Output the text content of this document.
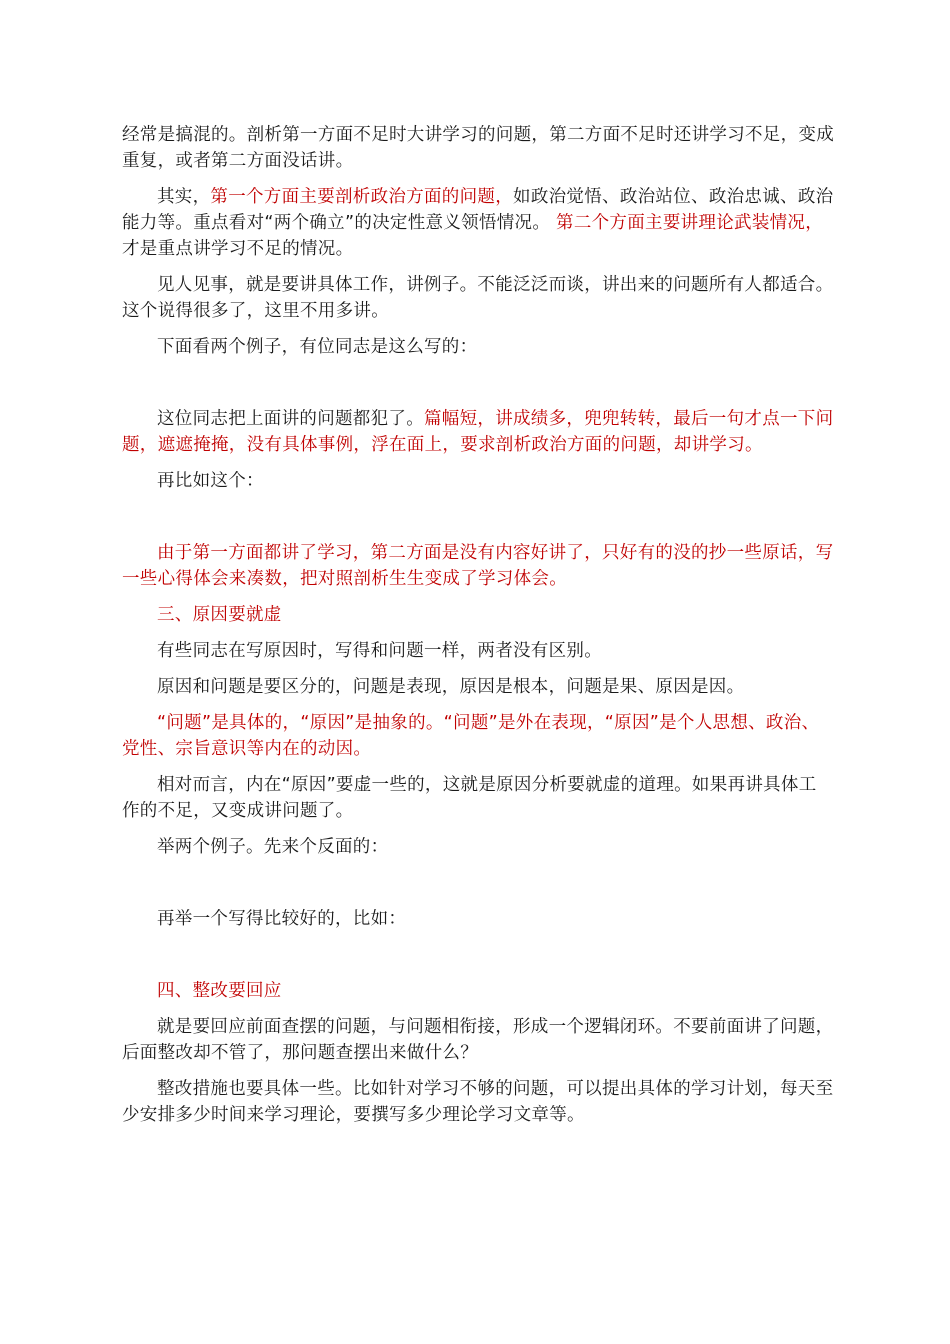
经常是搞混的。剖析第一方面不足时大讲学习的问题，第二方面不足时还讲学习不足，变成重复，或者第二方面没话讲。

其实，第一个方面主要剖析政治方面的问题，如政治觉悟、政治站位、政治忠诚、政治能力等。重点看对“两个确立”的决定性意义领悟情况。 第二个方面主要讲理论武装情况，才是重点讲学习不足的情况。

见人见事，就是要讲具体工作，讲例子。不能泛泛而谈，讲出来的问题所有人都适合。这个说得很多了，这里不用多讲。

下面看两个例子，有位同志是这么写的：

这位同志把上面讲的问题都犯了。篇幅短，讲成绩多，兜兜转转，最后一句才点一下问题，遮遮掩掩，没有具体事例，浮在面上，要求剖析政治方面的问题，却讲学习。

再比如这个：

由于第一方面都讲了学习，第二方面是没有内容好讲了，只好有的没的抄一些原话，写一些心得体会来凑数，把对照剖析生生变成了学习体会。

三、原因要就虚

有些同志在写原因时，写得和问题一样，两者没有区别。

原因和问题是要区分的，问题是表现，原因是根本，问题是果、原因是因。

“问题”是具体的，“原因”是抽象的。“问题”是外在表现，“原因”是个人思想、政治、党性、宗旨意识等内在的动因。

相对而言，内在“原因”要虚一些的，这就是原因分析要就虚的道理。如果再讲具体工作的不足，又变成讲问题了。

举两个例子。先来个反面的：

再举一个写得比较好的，比如：

四、整改要回应

就是要回应前面查摆的问题，与问题相衔接，形成一个逻辑闭环。不要前面讲了问题，后面整改却不管了，那问题查摆出来做什么？

整改措施也要具体一些。比如针对学习不够的问题，可以提出具体的学习计划，每天至少安排多少时间来学习理论，要撰写多少理论学习文章等。
